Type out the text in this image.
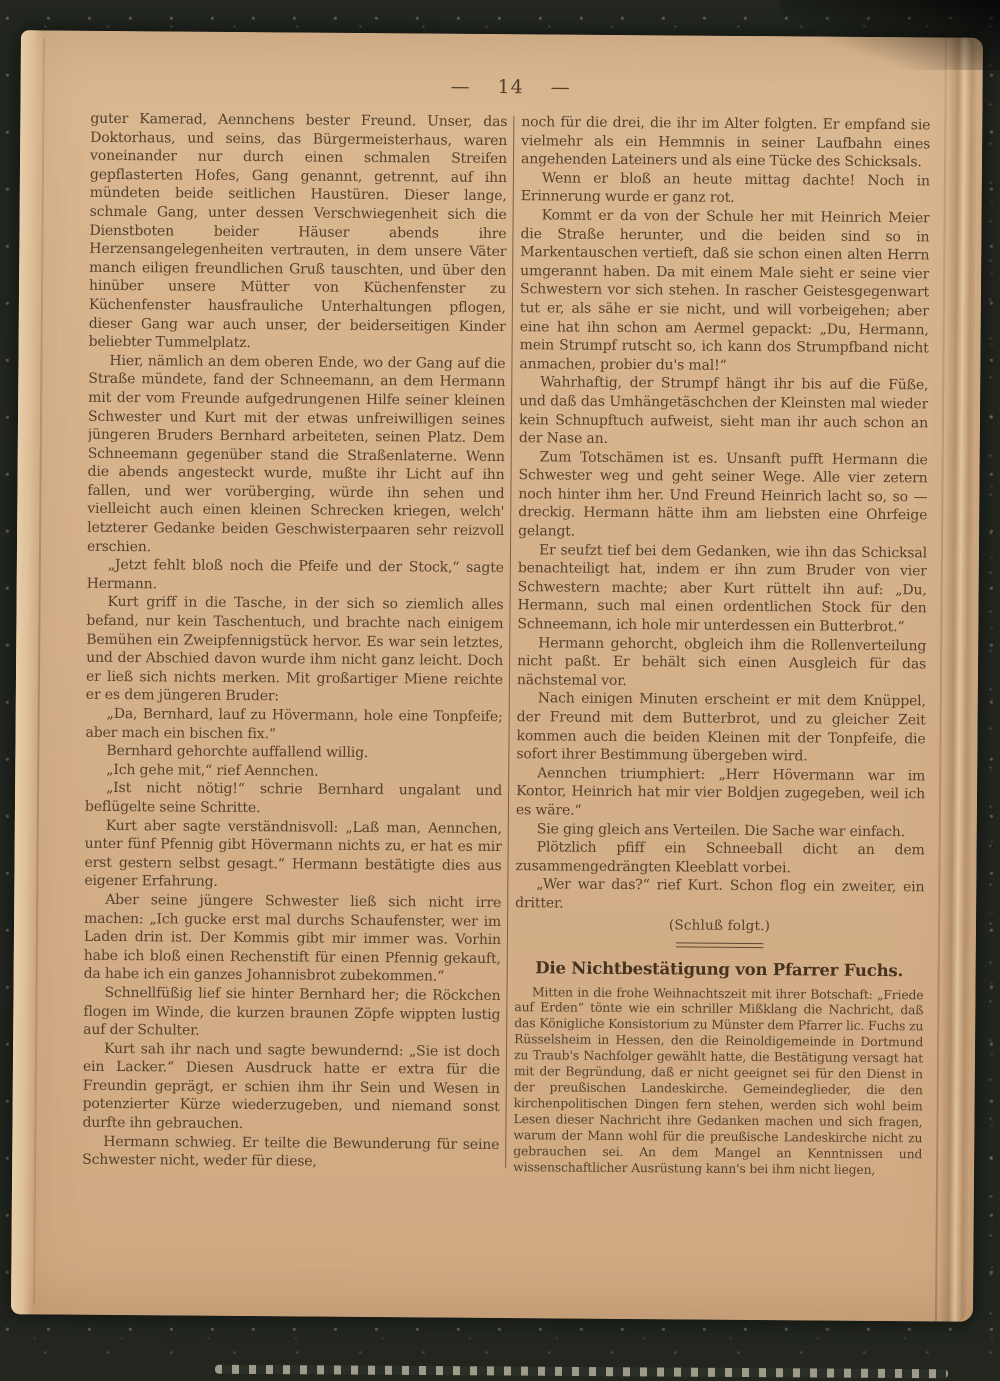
— 14 —

guter Kamerad, Aennchens bester Freund. Unser, das Doktorhaus, und seins, das Bürgermeisterhaus, waren voneinander nur durch einen schmalen Streifen gepflasterten Hofes, Gang genannt, getrennt, auf ihn mündeten beide seitlichen Haustüren. Dieser lange, schmale Gang, unter dessen Verschwiegenheit sich die Dienstboten beider Häuser abends ihre Herzensangelegenheiten vertrauten, in dem unsere Väter manch eiligen freundlichen Gruß tauschten, und über den hinüber unsere Mütter von Küchenfenster zu Küchenfenster hausfrauliche Unterhaltungen pflogen, dieser Gang war auch unser, der beiderseitigen Kinder beliebter Tummelplatz.

Hier, nämlich an dem oberen Ende, wo der Gang auf die Straße mündete, fand der Schneemann, an dem Hermann mit der vom Freunde aufgedrungenen Hilfe seiner kleinen Schwester und Kurt mit der etwas unfreiwilligen seines jüngeren Bruders Bernhard arbeiteten, seinen Platz. Dem Schneemann gegenüber stand die Straßenlaterne. Wenn die abends angesteckt wurde, mußte ihr Licht auf ihn fallen, und wer vorüberging, würde ihn sehen und vielleicht auch einen kleinen Schrecken kriegen, welch' letzterer Gedanke beiden Geschwisterpaaren sehr reizvoll erschien.

„Jetzt fehlt bloß noch die Pfeife und der Stock,“ sagte Hermann.

Kurt griff in die Tasche, in der sich so ziemlich alles befand, nur kein Taschentuch, und brachte nach einigem Bemühen ein Zweipfennigstück hervor. Es war sein letztes, und der Abschied davon wurde ihm nicht ganz leicht. Doch er ließ sich nichts merken. Mit großartiger Miene reichte er es dem jüngeren Bruder:

„Da, Bernhard, lauf zu Hövermann, hole eine Tonpfeife; aber mach ein bischen fix.“

Bernhard gehorchte auffallend willig.

„Ich gehe mit,“ rief Aennchen.

„Ist nicht nötig!“ schrie Bernhard ungalant und beflügelte seine Schritte.

Kurt aber sagte verständnisvoll: „Laß man, Aennchen, unter fünf Pfennig gibt Hövermann nichts zu, er hat es mir erst gestern selbst gesagt.“ Hermann bestätigte dies aus eigener Erfahrung.

Aber seine jüngere Schwester ließ sich nicht irre machen: „Ich gucke erst mal durchs Schaufenster, wer im Laden drin ist. Der Kommis gibt mir immer was. Vorhin habe ich bloß einen Rechenstift für einen Pfennig gekauft, da habe ich ein ganzes Johannisbrot zubekommen.“

Schnellfüßig lief sie hinter Bernhard her; die Röckchen flogen im Winde, die kurzen braunen Zöpfe wippten lustig auf der Schulter.

Kurt sah ihr nach und sagte bewundernd: „Sie ist doch ein Lacker.“ Diesen Ausdruck hatte er extra für die Freundin geprägt, er schien ihm ihr Sein und Wesen in potenzierter Kürze wiederzugeben, und niemand sonst durfte ihn gebrauchen.

Hermann schwieg. Er teilte die Bewunderung für seine Schwester nicht, weder für diese,

noch für die drei, die ihr im Alter folgten. Er empfand sie vielmehr als ein Hemmnis in seiner Laufbahn eines angehenden Lateiners und als eine Tücke des Schicksals.

Wenn er bloß an heute mittag dachte! Noch in Erinnerung wurde er ganz rot.

Kommt er da von der Schule her mit Heinrich Meier die Straße herunter, und die beiden sind so in Markentauschen vertieft, daß sie schon einen alten Herrn umgerannt haben. Da mit einem Male sieht er seine vier Schwestern vor sich stehen. In rascher Geistesgegenwart tut er, als sähe er sie nicht, und will vorbeigehen; aber eine hat ihn schon am Aermel gepackt: „Du, Hermann, mein Strumpf rutscht so, ich kann dos Strumpfband nicht anmachen, probier du's mal!“

Wahrhaftig, der Strumpf hängt ihr bis auf die Füße, und daß das Umhängetäschchen der Kleinsten mal wieder kein Schnupftuch aufweist, sieht man ihr auch schon an der Nase an.

Zum Totschämen ist es. Unsanft pufft Hermann die Schwester weg und geht seiner Wege. Alle vier zetern noch hinter ihm her. Und Freund Heinrich lacht so, so — dreckig. Hermann hätte ihm am liebsten eine Ohrfeige gelangt.

Er seufzt tief bei dem Gedanken, wie ihn das Schicksal benachteiligt hat, indem er ihn zum Bruder von vier Schwestern machte; aber Kurt rüttelt ihn auf: „Du, Hermann, such mal einen ordentlichen Stock für den Schneemann, ich hole mir unterdessen ein Butterbrot.“

Hermann gehorcht, obgleich ihm die Rollenverteilung nicht paßt. Er behält sich einen Ausgleich für das nächstemal vor.

Nach einigen Minuten erscheint er mit dem Knüppel, der Freund mit dem Butterbrot, und zu gleicher Zeit kommen auch die beiden Kleinen mit der Tonpfeife, die sofort ihrer Bestimmung übergeben wird.

Aennchen triumphiert: „Herr Hövermann war im Kontor, Heinrich hat mir vier Boldjen zugegeben, weil ich es wäre.“

Sie ging gleich ans Verteilen. Die Sache war einfach.

Plötzlich pfiff ein Schneeball dicht an dem zusammengedrängten Kleeblatt vorbei.

„Wer war das?“ rief Kurt. Schon flog ein zweiter, ein dritter.

(Schluß folgt.)
Die Nichtbestätigung von Pfarrer Fuchs.

Mitten in die frohe Weihnachtszeit mit ihrer Botschaft: „Friede auf Erden“ tönte wie ein schriller Mißklang die Nachricht, daß das Königliche Konsistorium zu Münster dem Pfarrer lic. Fuchs zu Rüsselsheim in Hessen, den die Reinoldigemeinde in Dortmund zu Traub's Nachfolger gewählt hatte, die Bestätigung versagt hat mit der Begründung, daß er nicht geeignet sei für den Dienst in der preußischen Landeskirche. Gemeindeglieder, die den kirchenpolitischen Dingen fern stehen, werden sich wohl beim Lesen dieser Nachricht ihre Gedanken machen und sich fragen, warum der Mann wohl für die preußische Landeskirche nicht zu gebrauchen sei. An dem Mangel an Kenntnissen und wissenschaftlicher Ausrüstung kann's bei ihm nicht liegen,
